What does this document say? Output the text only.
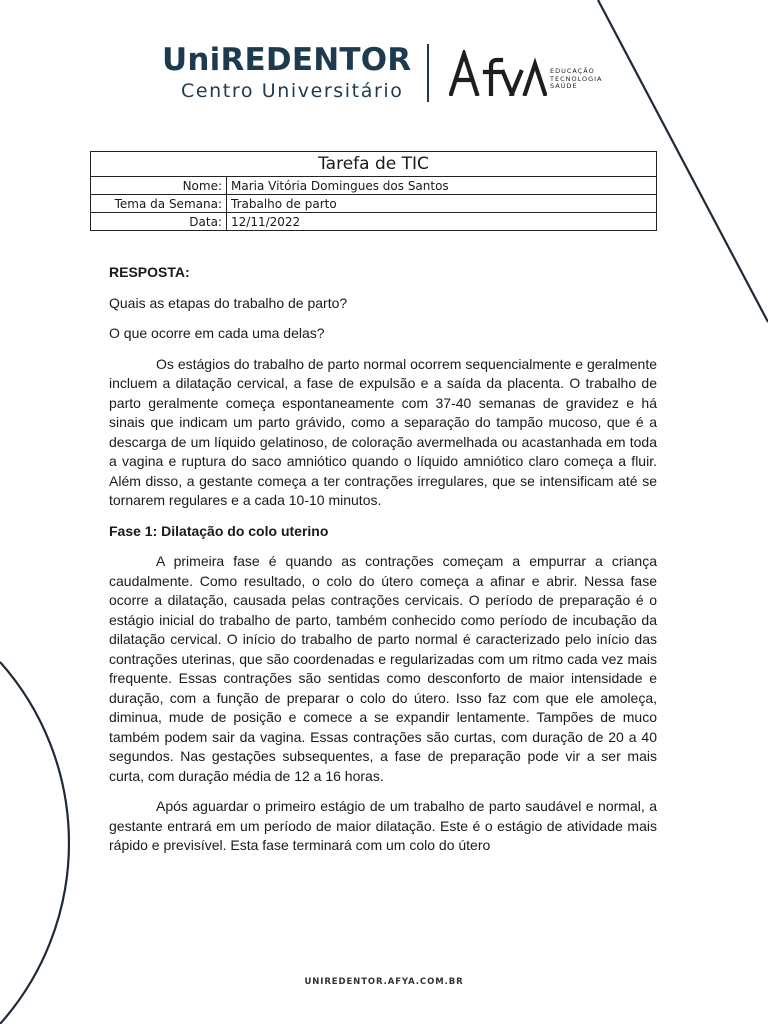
UniREDENTOR
Centro Universitário
EDUCAÇÃO
TECNOLOGIA
SAÚDE
Tarefa de TIC	
Nome:	Maria Vitória Domingues dos Santos
Tema da Semana:	Trabalho de parto
Data:	12/11/2022

RESPOSTA:

Quais as etapas do trabalho de parto?

O que ocorre em cada uma delas?

Os estágios do trabalho de parto normal ocorrem sequencialmente e geralmente incluem a dilatação cervical, a fase de expulsão e a saída da placenta. O trabalho de parto geralmente começa espontaneamente com 37-40 semanas de gravidez e há sinais que indicam um parto grávido, como a separação do tampão mucoso, que é a descarga de um líquido gelatinoso, de coloração avermelhada ou acastanhada em toda a vagina e ruptura do saco amniótico quando o líquido amniótico claro começa a fluir. Além disso, a gestante começa a ter contrações irregulares, que se intensificam até se tornarem regulares e a cada 10-10 minutos.

Fase 1: Dilatação do colo uterino

A primeira fase é quando as contrações começam a empurrar a criança caudalmente. Como resultado, o colo do útero começa a afinar e abrir. Nessa fase ocorre a dilatação, causada pelas contrações cervicais. O período de preparação é o estágio inicial do trabalho de parto, também conhecido como período de incubação da dilatação cervical. O início do trabalho de parto normal é caracterizado pelo início das contrações uterinas, que são coordenadas e regularizadas com um ritmo cada vez mais frequente. Essas contrações são sentidas como desconforto de maior intensidade e duração, com a função de preparar o colo do útero. Isso faz com que ele amoleça, diminua, mude de posição e comece a se expandir lentamente. Tampões de muco também podem sair da vagina. Essas contrações são curtas, com duração de 20 a 40 segundos. Nas gestações subsequentes, a fase de preparação pode vir a ser mais curta, com duração média de 12 a 16 horas.

Após aguardar o primeiro estágio de um trabalho de parto saudável e normal, a gestante entrará em um período de maior dilatação. Este é o estágio de atividade mais rápido e previsível. Esta fase terminará com um colo do útero

UNIREDENTOR.AFYA.COM.BR
